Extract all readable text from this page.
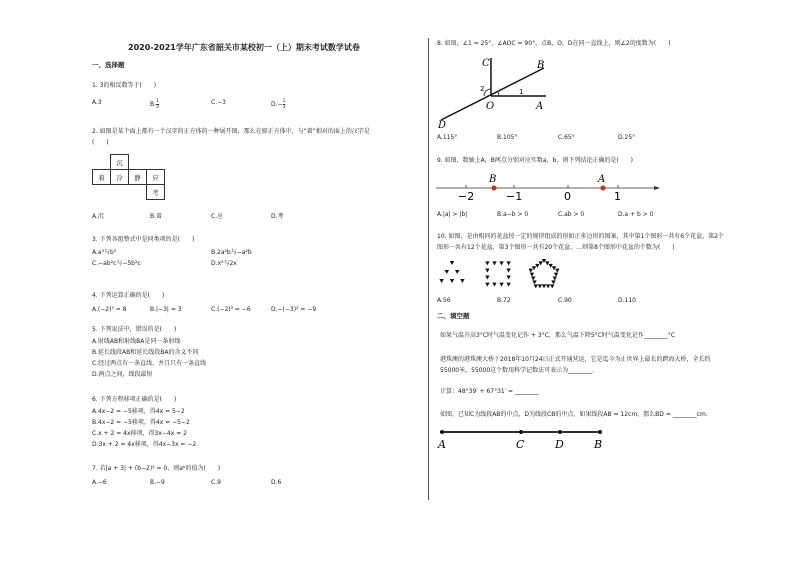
2020-2021学年广东省韶关市某校初一（上）期末考试数学试卷
一、选择题
1. 3的相反数等于(　　)
A.3	B. $\frac{1}{3}$	C.−3	$D.- \frac{1}{3}$
2. 如图是某个面上都有一个汉字的正方体的一种展开图，那么在原正方体中，与“着”相对的面上的汉字是
(　　)
	沉		
着	冷	静	应
			考
A.沉	B.着	C.应	D.考
3. 下列各组整式中是同类项的是(　　)
A.a³与b³	B.2a²b与−a²b
C.−ab²c与−5b²c	D.x²与2x
4. 下列运算正确的是(　　)
A.(−2)³ = 8	B.|−3| = 3	C.(−2)³ = −6	D.−(−3)² = −9
5. 下列说法中，错误的是(　　)
A.射线AB和射线BA是同一条射线
B.延长线段AB和延长线段BA的含义不同
C.经过两点有一条直线，并且只有一条直线
D.两点之间，线段最短
6. 下列方程移项正确的是(　　)
A.4x−2 = −5移项，得4x = 5−2
B.4x−2 = −5移项，得4x = −5−2
C.x + 2 = 4x移项，得3x−4x = 2
D.3x + 2 = 4x移项，得4x−3x = −2
7. 若|a + 3| + (b−2)² = 0，则aᵇ的值为(　　)
A.−6	B.−9	C.9	D.6
8. 如图，∠1 = 25°，∠AOC = 90°，点B，O，D在同一直线上，则∠2的度数为(　　)
C	B
2	1
O	A
D
A.115°	B.105°	C.65°	D.25°
9. 如图，数轴上A，B两点分别对应实数a，b，则下列结论正确的是(　　)
B	A
−2	−1	0	1
A.|a| > |b|	B.a−b > 0	C.ab > 0	D.a + b > 0
10. 如图，是由相同的花盆按一定的规律组成的形如正多边形的图案，其中第1个图形一共有6个花盆，第2个
图形一共有12个花盆，第3个图形一共有20个花盆，…则第8个图形中花盆的个数为(　　)
A.56	B.72	C.90	D.110
二、填空题
如果气温升高3°C时气温变化记作 + 3°C，那么气温下降5°C时气温变化记作________°C
港珠澳的港珠澳大桥于2018年10月24日正式开通营运，它是迄今为止世界上最长的跨海大桥，全长约
55000米，55000这个数用科学记数法可表示为________.
计算：48°39′ + 67°31′ = ________
如图，已知C为线段AB的中点，D为线段CB的中点，如果线段AB = 12cm，那么BD = ________cm.
A	C	D	B
